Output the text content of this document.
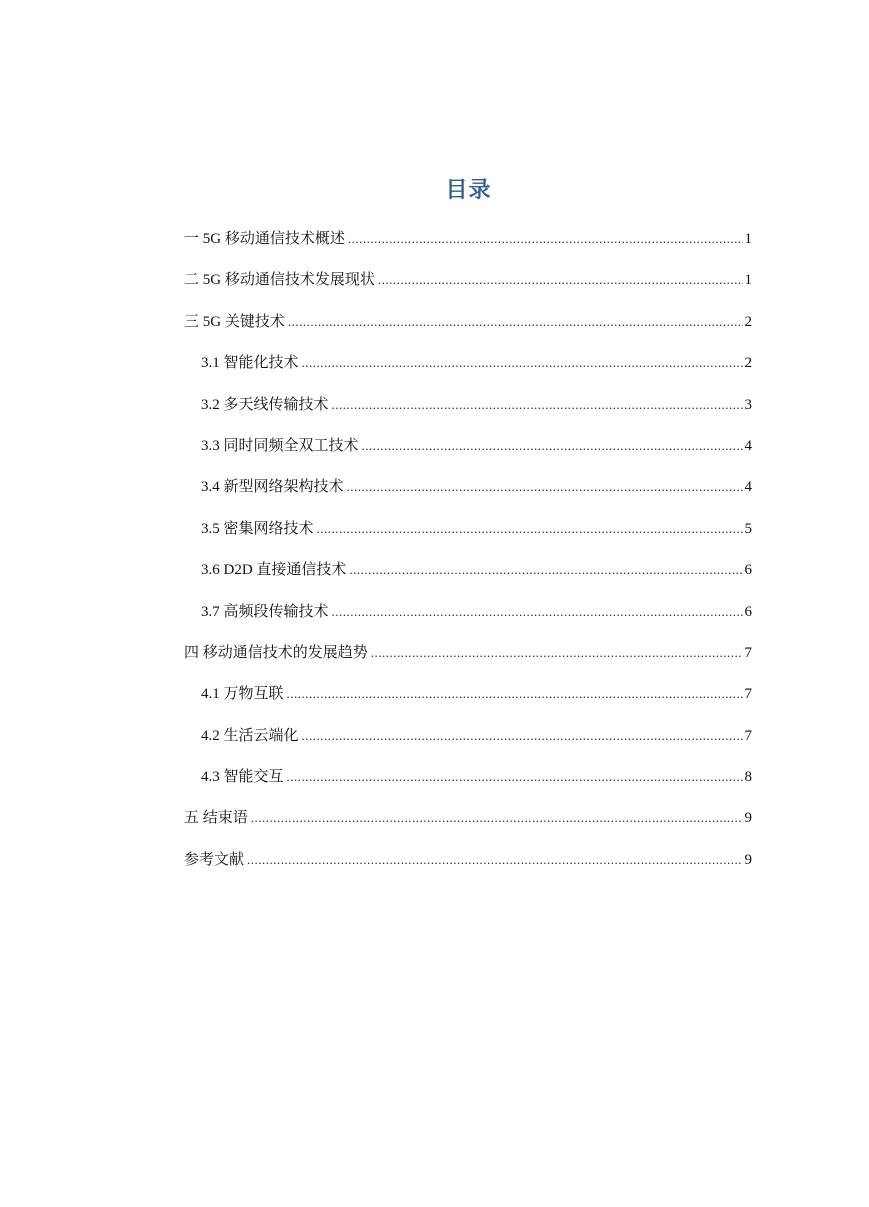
目录
一 5G 移动通信技术概述 .....	1
二 5G 移动通信技术发展现状 .....	1
三 5G 关键技术 .....	2
3.1 智能化技术 .....	2
3.2 多天线传输技术 .....	3
3.3 同时同频全双工技术 .....	4
3.4 新型网络架构技术 .....	4
3.5 密集网络技术 .....	5
3.6 D2D 直接通信技术 .....	6
3.7 高频段传输技术 .....	6
四 移动通信技术的发展趋势 .....	7
4.1 万物互联 .....	7
4.2 生活云端化 .....	7
4.3 智能交互 .....	8
五 结束语 .....	9
参考文献 .....	9
